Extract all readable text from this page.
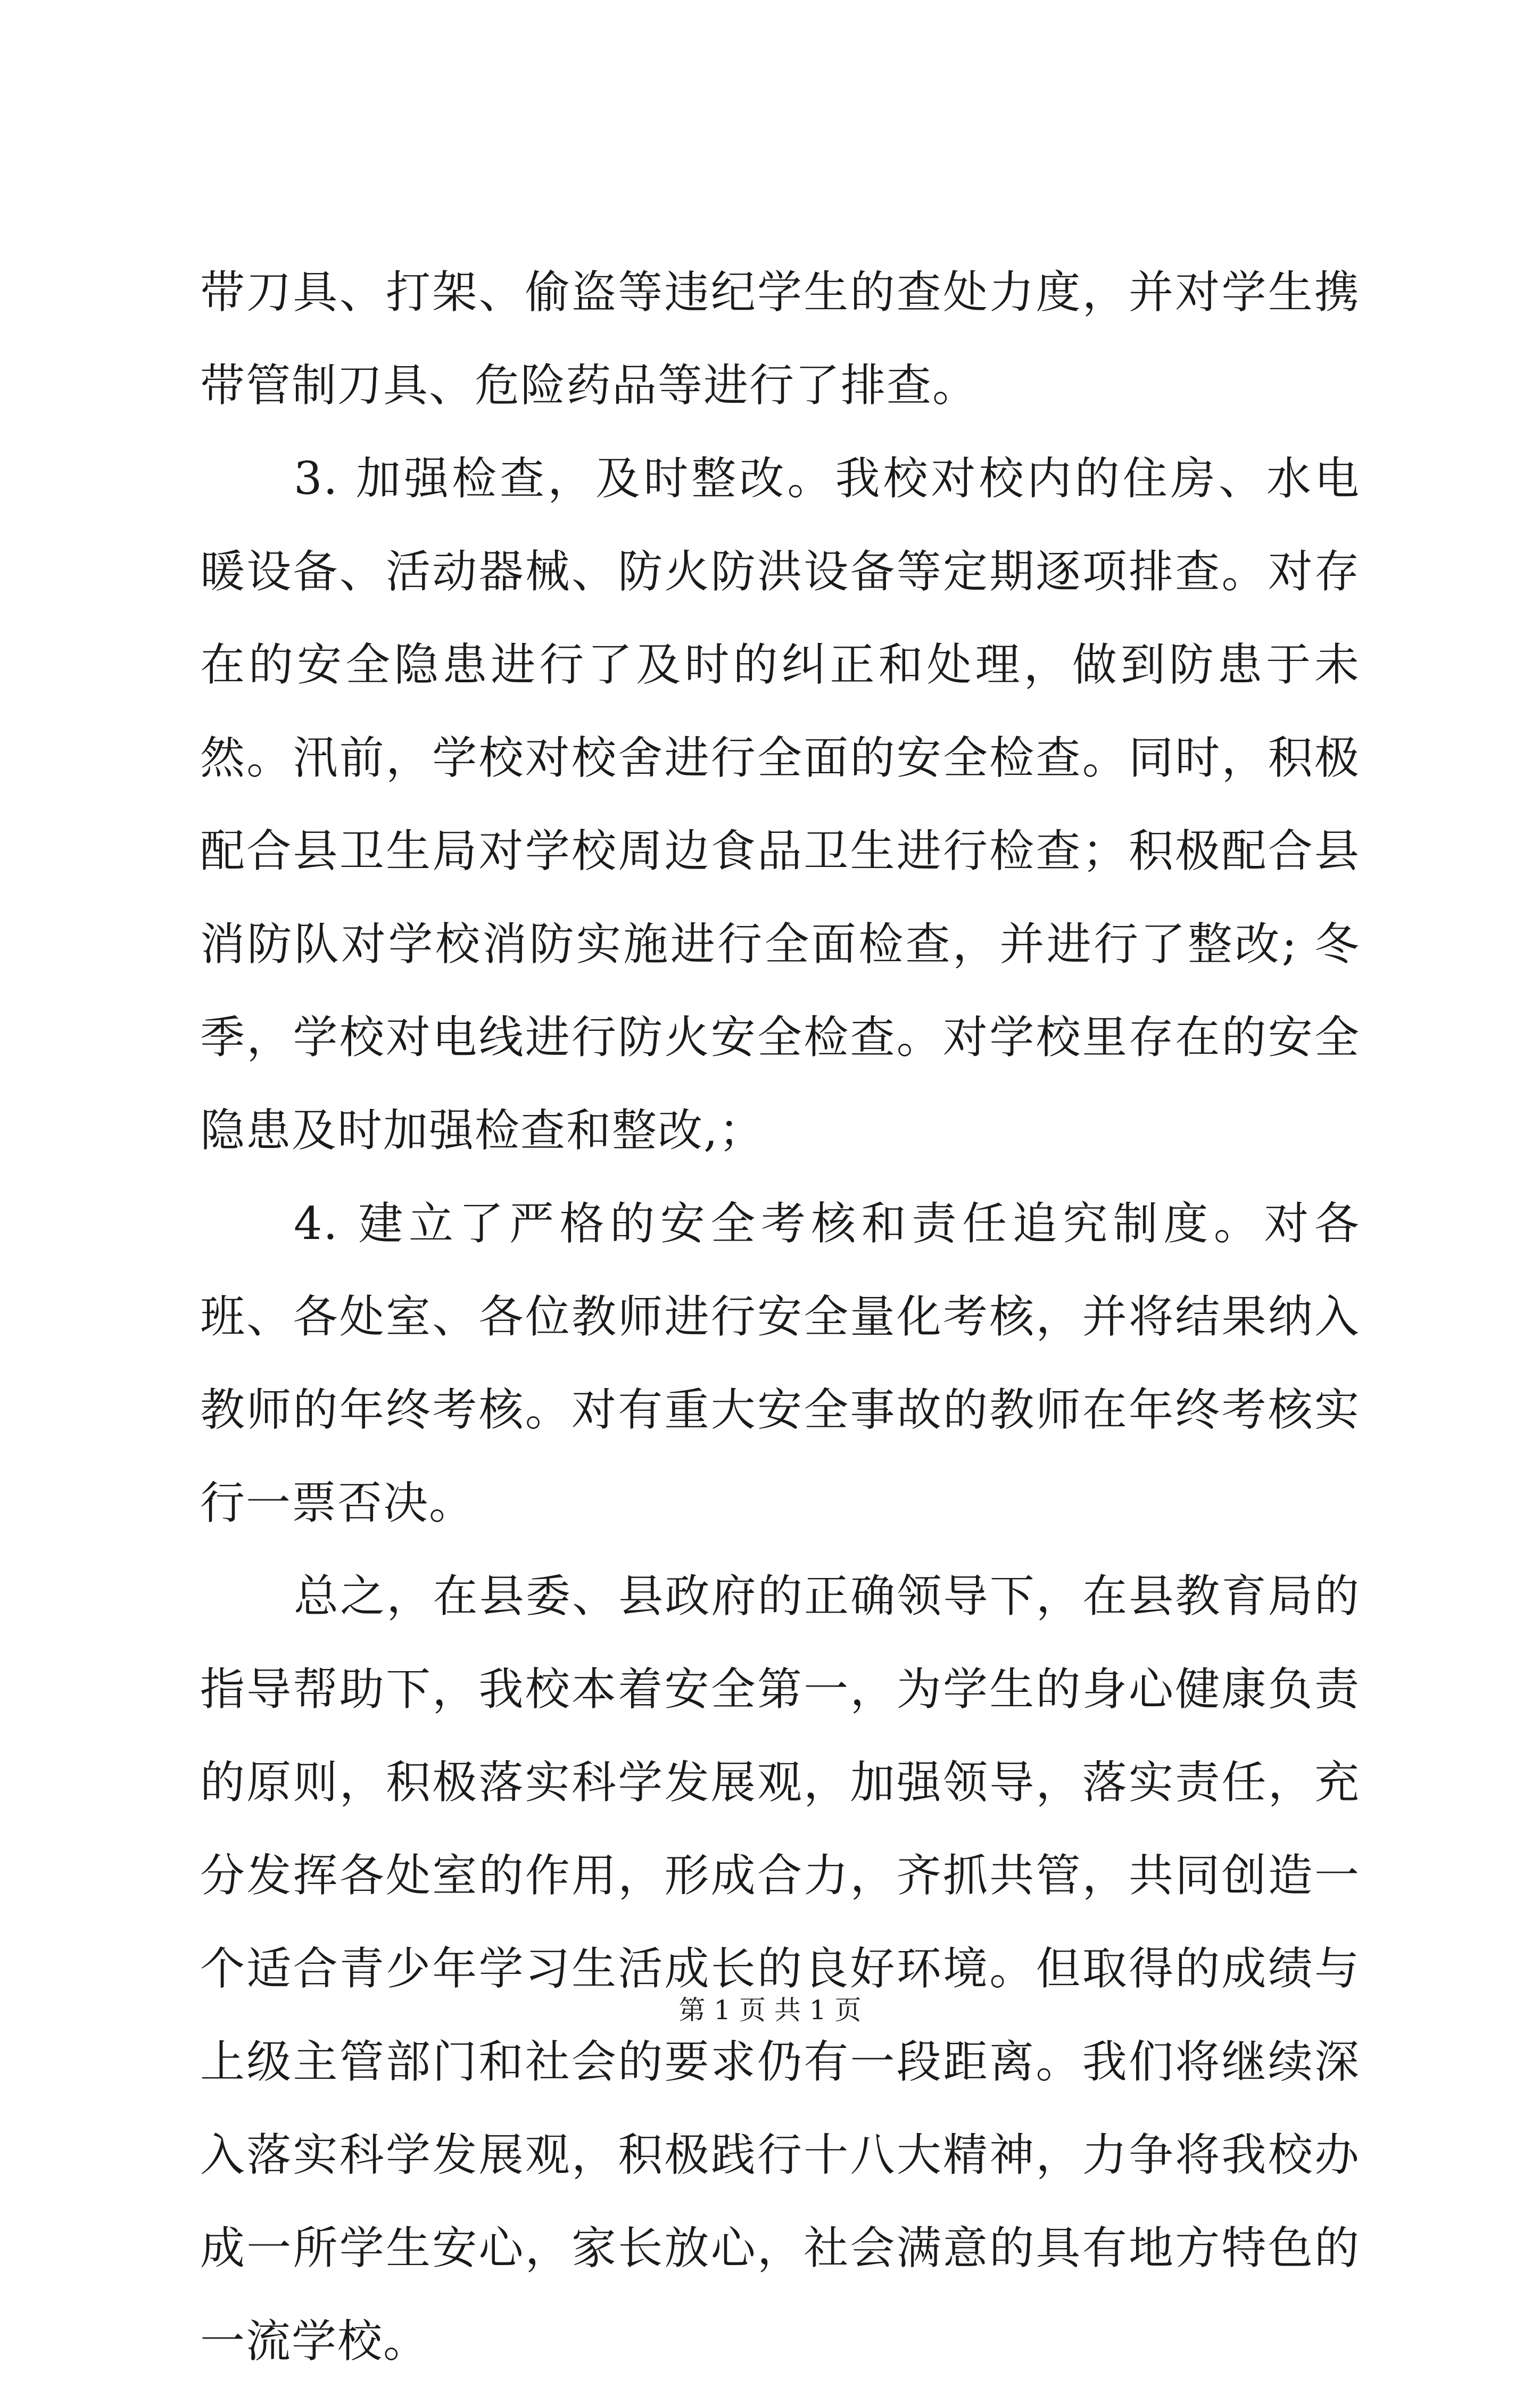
带刀具、打架、偷盗等违纪学生的查处力度，并对学生携带管制刀具、危险药品等进行了排查。

3. 加强检查，及时整改。我校对校内的住房、水电暖设备、活动器械、防火防洪设备等定期逐项排查。对存在的安全隐患进行了及时的纠正和处理，做到防患于未然。汛前，学校对校舍进行全面的安全检查。同时，积极配合县卫生局对学校周边食品卫生进行检查；积极配合县消防队对学校消防实施进行全面检查，并进行了整改; 冬季，学校对电线进行防火安全检查。对学校里存在的安全隐患及时加强检查和整改,；

4. 建立了严格的安全考核和责任追究制度。对各班、各处室、各位教师进行安全量化考核，并将结果纳入教师的年终考核。对有重大安全事故的教师在年终考核实行一票否决。

总之，在县委、县政府的正确领导下，在县教育局的指导帮助下，我校本着安全第一，为学生的身心健康负责的原则，积极落实科学发展观，加强领导，落实责任，充分发挥各处室的作用，形成合力，齐抓共管，共同创造一个适合青少年学习生活成长的良好环境。但取得的成绩与上级主管部门和社会的要求仍有一段距离。我们将继续深入落实科学发展观，积极践行十八大精神，力争将我校办成一所学生安心，家长放心，社会满意的具有地方特色的一流学校。

第 1 页 共 1 页
